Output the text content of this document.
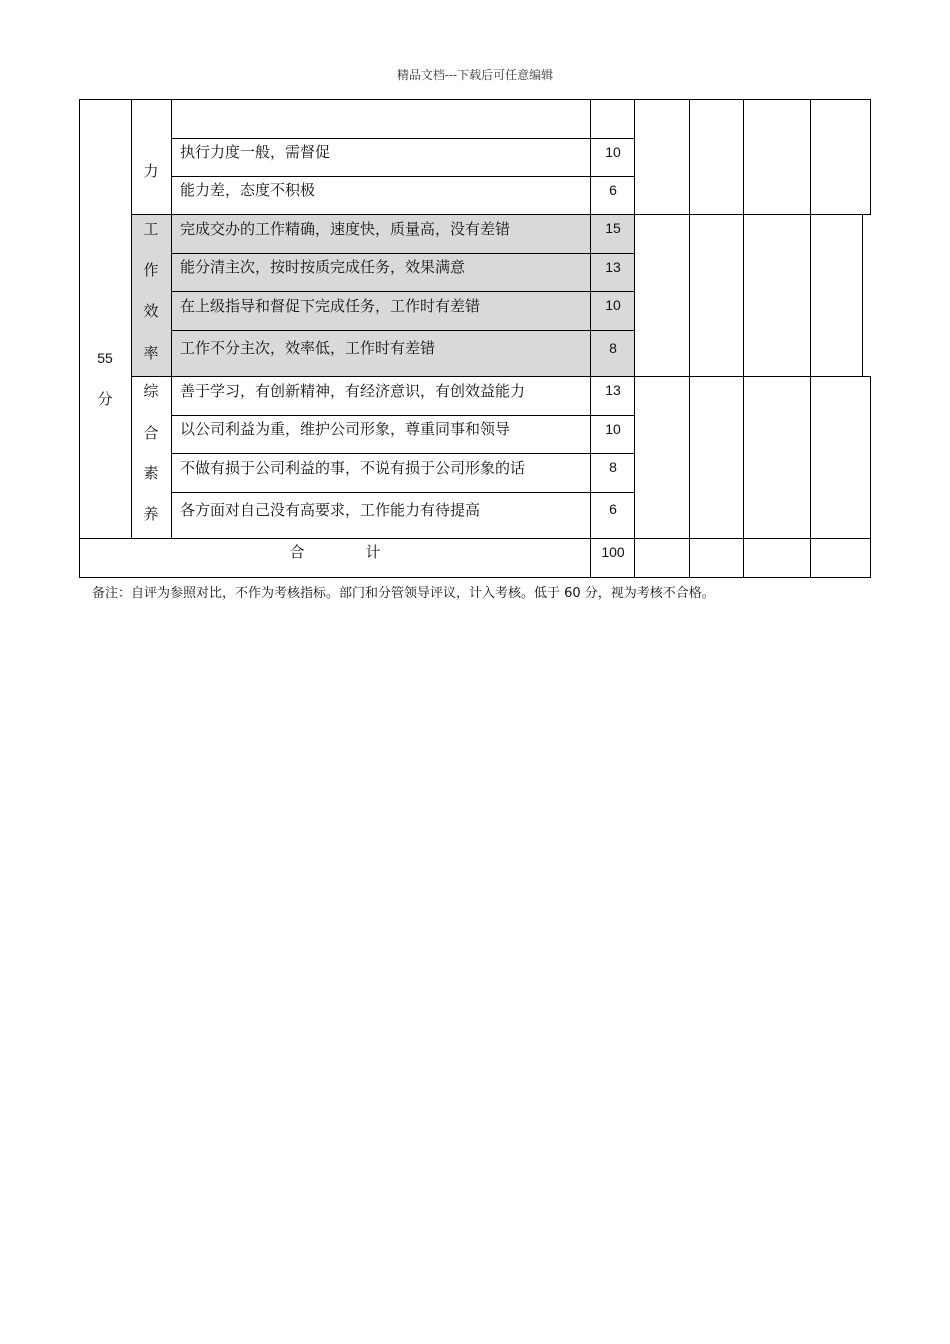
精品文档---下载后可任意编辑
55
分
力
工
作
效
率
综
合
素
养
执行力度一般，需督促
能力差，态度不积极
完成交办的工作精确，速度快，质量高，没有差错
能分清主次，按时按质完成任务，效果满意
在上级指导和督促下完成任务，工作时有差错
工作不分主次，效率低，工作时有差错
善于学习，有创新精神，有经济意识，有创效益能力
以公司利益为重，维护公司形象，尊重同事和领导
不做有损于公司利益的事，不说有损于公司形象的话
各方面对自己没有高要求，工作能力有待提高
10
6
15
13
10
8
13
10
8
6
合	计	100
备注：自评为参照对比，不作为考核指标。部门和分管领导评议，计入考核。低于 60 分，视为考核不合格。
